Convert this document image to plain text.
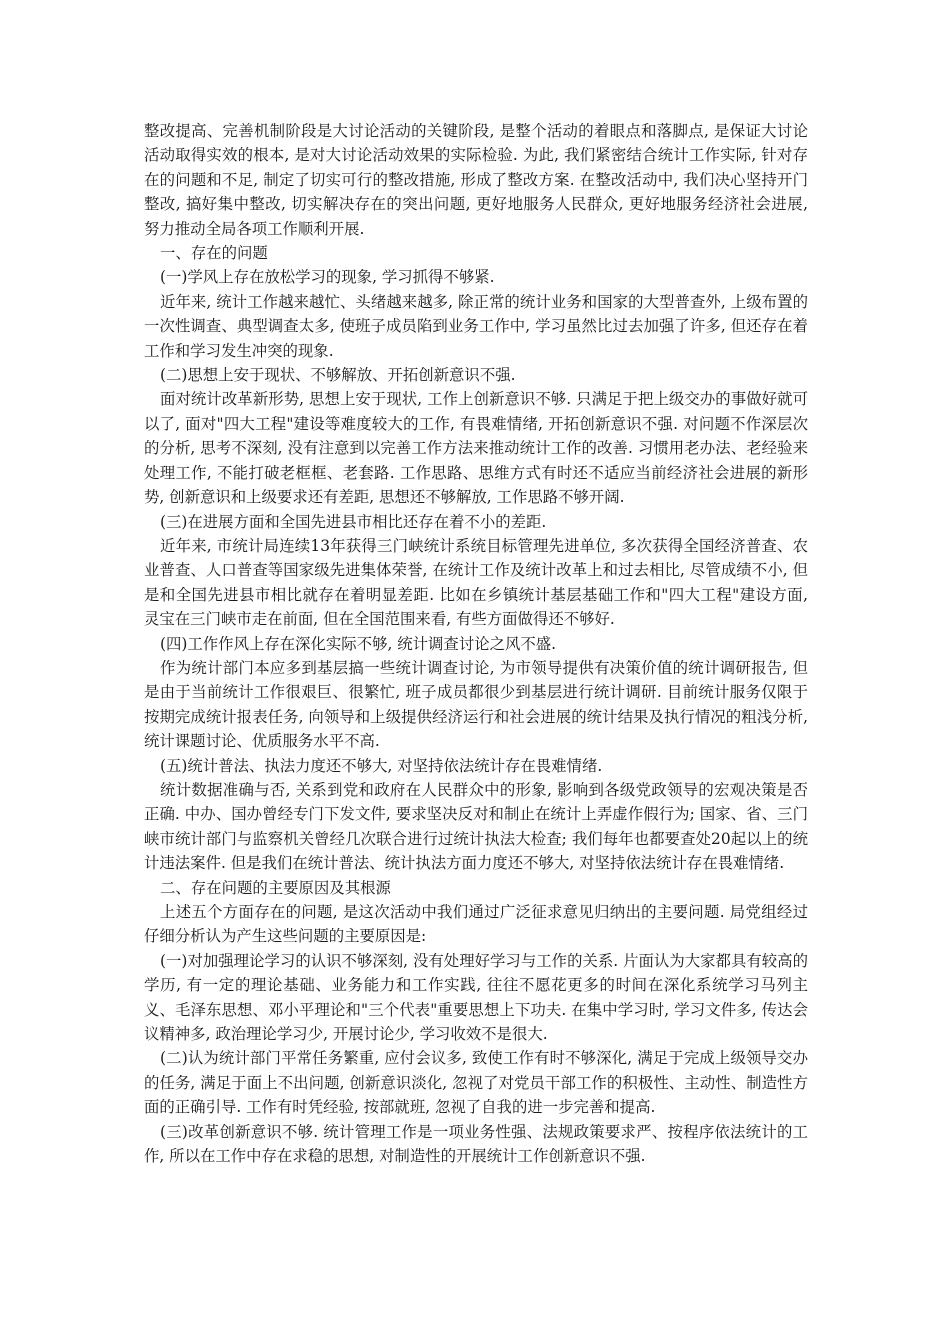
整改提高、完善机制阶段是大讨论活动的关键阶段, 是整个活动的着眼点和落脚点, 是保证大讨论活动取得实效的根本, 是对大讨论活动效果的实际检验. 为此, 我们紧密结合统计工作实际, 针对存在的问题和不足, 制定了切实可行的整改措施, 形成了整改方案. 在整改活动中, 我们决心坚持开门整改, 搞好集中整改, 切实解决存在的突出问题, 更好地服务人民群众, 更好地服务经济社会进展, 努力推动全局各项工作顺利开展.

一、存在的问题

(一)学风上存在放松学习的现象, 学习抓得不够紧.

近年来, 统计工作越来越忙、头绪越来越多, 除正常的统计业务和国家的大型普查外, 上级布置的一次性调查、典型调查太多, 使班子成员陷到业务工作中, 学习虽然比过去加强了许多, 但还存在着工作和学习发生冲突的现象.

(二)思想上安于现状、不够解放、开拓创新意识不强.

面对统计改革新形势, 思想上安于现状, 工作上创新意识不够. 只满足于把上级交办的事做好就可以了, 面对"四大工程"建设等难度较大的工作, 有畏难情绪, 开拓创新意识不强. 对问题不作深层次的分析, 思考不深刻, 没有注意到以完善工作方法来推动统计工作的改善. 习惯用老办法、老经验来处理工作, 不能打破老框框、老套路. 工作思路、思维方式有时还不适应当前经济社会进展的新形势, 创新意识和上级要求还有差距, 思想还不够解放, 工作思路不够开阔.

(三)在进展方面和全国先进县市相比还存在着不小的差距.

近年来, 市统计局连续13年获得三门峡统计系统目标管理先进单位, 多次获得全国经济普查、农业普查、人口普查等国家级先进集体荣誉, 在统计工作及统计改革上和过去相比, 尽管成绩不小, 但是和全国先进县市相比就存在着明显差距. 比如在乡镇统计基层基础工作和"四大工程"建设方面, 灵宝在三门峡市走在前面, 但在全国范围来看, 有些方面做得还不够好.

(四)工作作风上存在深化实际不够, 统计调查讨论之风不盛.

作为统计部门本应多到基层搞一些统计调查讨论, 为市领导提供有决策价值的统计调研报告, 但是由于当前统计工作很艰巨、很繁忙, 班子成员都很少到基层进行统计调研. 目前统计服务仅限于按期完成统计报表任务, 向领导和上级提供经济运行和社会进展的统计结果及执行情况的粗浅分析, 统计课题讨论、优质服务水平不高.

(五)统计普法、执法力度还不够大, 对坚持依法统计存在畏难情绪.

统计数据准确与否, 关系到党和政府在人民群众中的形象, 影响到各级党政领导的宏观决策是否正确. 中办、国办曾经专门下发文件, 要求坚决反对和制止在统计上弄虚作假行为; 国家、省、三门峡市统计部门与监察机关曾经几次联合进行过统计执法大检查; 我们每年也都要查处20起以上的统计违法案件. 但是我们在统计普法、统计执法方面力度还不够大, 对坚持依法统计存在畏难情绪.

二、存在问题的主要原因及其根源

上述五个方面存在的问题, 是这次活动中我们通过广泛征求意见归纳出的主要问题. 局党组经过仔细分析认为产生这些问题的主要原因是:

(一)对加强理论学习的认识不够深刻, 没有处理好学习与工作的关系. 片面认为大家都具有较高的学历, 有一定的理论基础、业务能力和工作实践, 往往不愿花更多的时间在深化系统学习马列主义、毛泽东思想、邓小平理论和"三个代表"重要思想上下功夫. 在集中学习时, 学习文件多, 传达会议精神多, 政治理论学习少, 开展讨论少, 学习收效不是很大.

(二)认为统计部门平常任务繁重, 应付会议多, 致使工作有时不够深化, 满足于完成上级领导交办的任务, 满足于面上不出问题, 创新意识淡化, 忽视了对党员干部工作的积极性、主动性、制造性方面的正确引导. 工作有时凭经验, 按部就班, 忽视了自我的进一步完善和提高.

(三)改革创新意识不够. 统计管理工作是一项业务性强、法规政策要求严、按程序依法统计的工作, 所以在工作中存在求稳的思想, 对制造性的开展统计工作创新意识不强.
